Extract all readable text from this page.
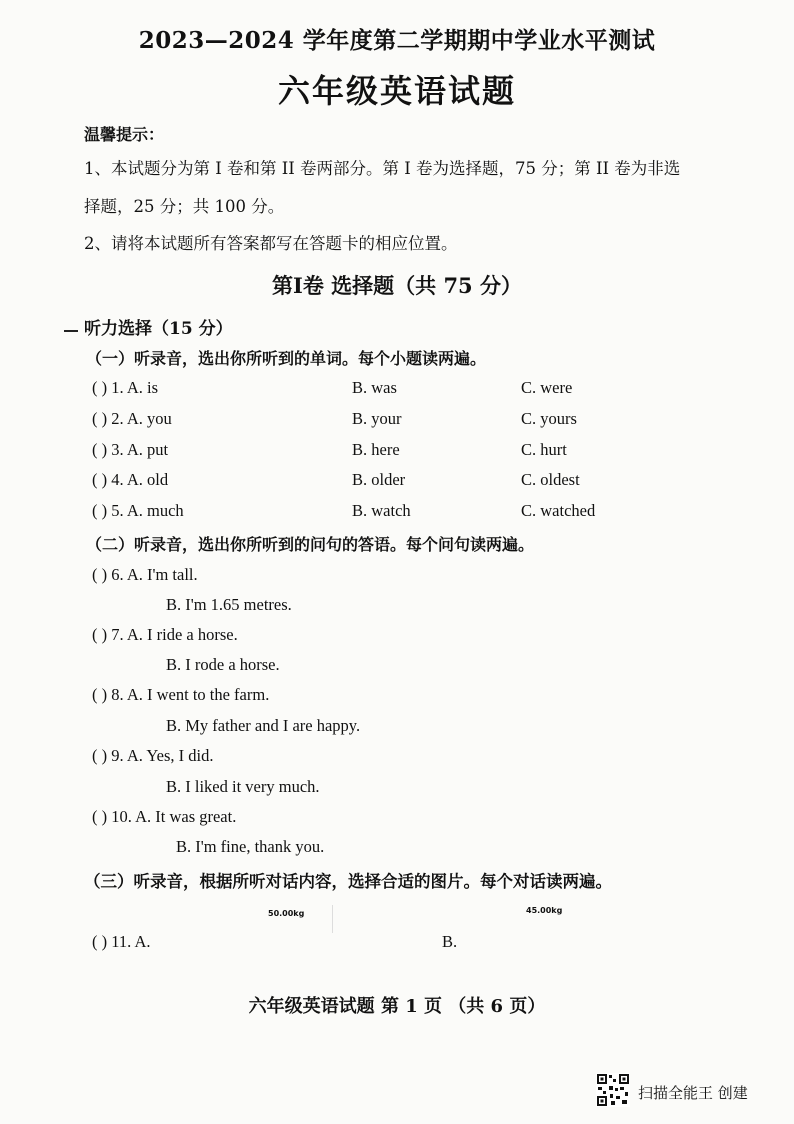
2023—2024 学年度第二学期期中学业水平测试
六年级英语试题
温馨提示：
1、本试题分为第 I 卷和第 II 卷两部分。第 I 卷为选择题，75 分；第 II 卷为非选
择题，25 分；共 100 分。
2、请将本试题所有答案都写在答题卡的相应位置。
第I卷 选择题（共 75 分）
听力选择（15 分）
（一）听录音，选出你所听到的单词。每个小题读两遍。
( ) 1. A. is	B. was	C. were
( ) 2. A. you	B. your	C. yours
( ) 3. A. put	B. here	C. hurt
( ) 4. A. old	B. older	C. oldest
( ) 5. A. much	B. watch	C. watched
（二）听录音，选出你所听到的问句的答语。每个问句读两遍。
( ) 6. A. I'm tall.
B. I'm 1.65 metres.
( ) 7. A. I ride a horse.
B. I rode a horse.
( ) 8. A. I went to the farm.
B. My father and I are happy.
( ) 9. A. Yes, I did.
B. I liked it very much.
( ) 10. A. It was great.
B. I'm fine, thank you.
（三）听录音，根据所听对话内容，选择合适的图片。每个对话读两遍。
50.00kg	45.00kg
( ) 11. A.	B.
六年级英语试题 第 1 页 （共 6 页）
扫描全能王 创建
